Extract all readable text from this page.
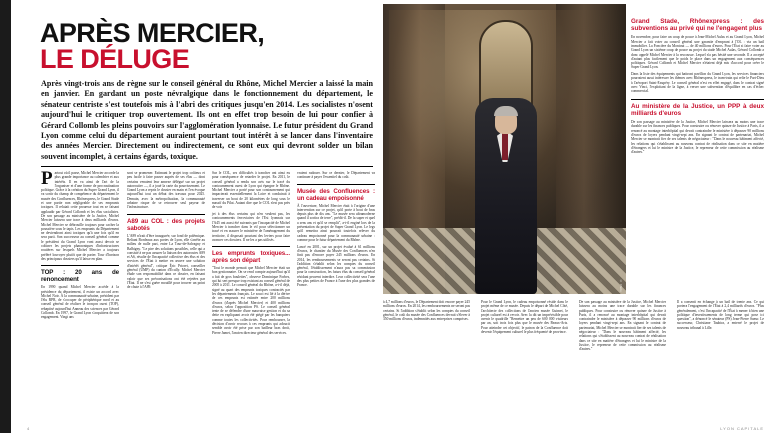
APRÈS MERCIER,
LE DÉLUGE
Après vingt-trois ans de règne sur le conseil général du Rhône, Michel Mercier a laissé la main en janvier. En gardant un poste névralgique dans le fonctionnement du département, le sénateur centriste s'est toutefois mis à l'abri des critiques jusqu'en 2014. Les socialistes n'osent aujourd'hui le critiquer trop ouvertement. Ils ont en effet trop besoin de lui pour confier à Gérard Collomb les pleins pouvoirs sur l'agglomération lyonnaise. Le futur président du Grand Lyon comme celui du département auraient pourtant tout intérêt à se lancer dans l'inventaire des années Mercier. Directement ou indirectement, ce sont eux qui devront solder un bilan souvent incomplet, à certains égards, toxique.

Partout où il passe, Michel Mercier accorde la plus grande importance au calendrier et aux intérêts. Il en va ainsi de l'art de la l'organiser et d'une forme de procrastination politique. Grâce à la création du Super Grand Lyon, il va sortir du champ de compétence du département le musée des Confluences, Rhônexpress, le Grand Stade et une partie non négligeable de ses emprunts toxiques. Il relaiait cette prouesse tout en se faisant applaudir par Gérard Collomb et les élus socialistes. De son passage au ministère de la Justice, Michel Mercier laissera une trace à deux milliards d'euros. Michel Mercier se débrouille toujours pour cacher la poussière sous le tapis. Les emprunts du Département ne deviendront ainsi toxiques qu'à une fois qu'il en sera parti. Son successeur au conseil général comme le président du Grand Lyon vont aussi devoir se coltiner les projets pharaoniques d'infrastructures routières sur lesquels Michel Mercier a toujours préféré louvoyer plutôt que de parier. Tour d'horizon des principaux dossiers qu'il laisse en plan.

TOP : 20 ans de renoncement

En 1990 quand Michel Mercier accède à la présidence du département, il existe un accord avec Michel Noir. À la communauté urbaine, président par l'élu RPR, de s'occuper de périphérique nord et au conseil général de réaliser le tronçon ouest (TOP), rebaptisé aujourd'hui Anneau des sciences par Gérard Collomb. En 1997, le Grand Lyon s'acquittera de son engagement. Vingt ans

sont se promener. Estimant le projet trop coûteux et peu facile à faire passer auprès de ses élus — dont certains venaient leur annexe délégué sur un projet autoroutier —, il a joué la carte du pourrissement. Le Grand Lyon a repris le dossier en main et l'en évoque aujourd'hui tout un début des travaux pour 2025. Demain, avec la métropolisation, la communauté urbaine risque de se retrouver seul payeur de l'infrastructure.

A89 au COL : des projets sabotés

L'A89 n'irait d'être inaugurée, sur fond de polémique. Reliant Bordeaux aux portes de Lyon, elle s'arrête au milieu de nulle part, entre La Tour-de-Salvagny et Balbigny. "Le pire des solutions possibles, celle qui a consisté à ne pas assurer la liaison des autoroutes A89 et A6, résulte de l'incapacité collective des élus et des services de l'État à mettre en œuvre une solution d'intérêt général", critique Éric Prioret, conseiller général (UMP) du canton d'Écully. Michel Mercier élude son responsabilité dans ce dossier, en faisant valoir que ses préconisations ont été rejetées par l'État. Il ne s'est guère mouillé pour trouver un point de chute à l'A89.

Sur le COL, ses difficultés à trancher ont ainsi eu pour conséquence de retarder le projet. En 2011, le conseil général a rendu son avis sur le tracé du contournement ouest de Lyon qui épargne le Rhône. Michel Mercier a porté pour son contournement qui impacterait essentiellement la Loire et conduirait à traverser un bout de 20 kilomètres de long sous le massif du Pilat. Autant dire que le COL n'est pas près de voir

jet à des élus certains qui n'en veulent pas, les contournements ferroviaires de l'Est lyonnais sur l'A45 ont aussi été suivants par l'incapacité de Michel Mercier à trancher dans le vif pour sélectionner un tracé et en assurer le ministère de l'aménagement du territoire, il disposait pourtant des leviers pour faire avancer ces dossiers. Il ne les a pas utilisés.

Les emprunts toxiques... après son départ

"Tout le monde pensait que Michel Mercier était un bon gestionnaire. On se rend compte aujourd'hui qu'il a fait de gros boulettes", observe Dominique Forbes, qui lui sert presque trop existant au conseil général de 2005 à 2011. Le conseil général du Rhône, a-t-il déjà, signé au quart des emprunts toxiques contractés par les départements français. Le souci est lié à la dérive de ces emprunts est estimée entre 200 millions d'euros (d'après Michel Mercier) et 400 millions d'euros, selon l'opposition PS. Le conseil général tente de se défendre d'une mauvaise gestion et du sa dette en expliquant avoir été piégé par les banquiers comme toutes les collectivités. Pour rembourser, la décision d'avoir recours à ces emprunts qui adoucit semble avoir été prise par son bailleur bras droit, Pierre Jamet, l'ancien directeur général des services.

vraient radouer. Sur ce dernier, le Département va continuer à payer l'essentiel du coût.

Musée des Confluences : un cadeau empoisonné

À l'ouverture, Michel Mercier était à l'origine d'une intervention sur ce projet, qu'il porte à bout de bras depuis plus de dix ans. "Le musée sera ultramoderne quand il sortira de terre", prédit-il. De la super et quel a sens ans et qu'il se remplit", a-t-il enginé lors de la présentation du projet de Super Grand Lyon. Le legs qu'il remettra ainsi pourrait toutefois relever du cadeau empoisonné pour la communauté urbaine : comme pour le futur département du Rhône.

Lancé en 2001, sur un projet évalué à 61 millions d'euros, le chantier du Musée des Confluences n'en finit pas d'encore payer 245 millions d'euros. En 2014, les remboursements se seront pas certains. Si l'addition s'établit selon les comptes du conseil général, l'établissement n'aura pas sa commission pour la construction, les futurs élus du conseil général résidant peuvent interdire. Leur collectivité sera l'une des plus petites de France à l'une des plus grandes de France.

4
© Photo
Grand Stade, Rhônexpress : des subventions au privé qui ne l'engagent plus

En novembre, pour faire un coup de pouce à Jean-Michel Aulas et au Grand Lyon, Michel Mercier a fait voter au conseil général une garantie d'emprunt à l'OL : via un bail immobilier. La Foncière du Montout — de 40 millions d'euros. Pour l'État si faire voter au Grand Lyon un sixième coup de pouce au projet du stade Michel Aulas, Gérard Collomb a donc appelé Michel Mercier à la rescousse. Lequel n'a pas hésité une seconde. Il a accepté d'autant plus facilement que le poids le place dans un engagement aux conséquences politiques. Gérard Collomb et Michel Mercier n'étaient déjà mis d'accord pour créer le Super Grand Lyon.

Dans la liste des équipements qui battront pavillon du Grand Lyon, les services financiers pourraient aussi intéresser les thèmes avec Rhônexpress, le tram-train qui relie le Part-Dieu à l'aéroport Saint-Exupéry. Le conseil général n'est en effet engagé, dans le contrat signé avec Vinci, l'exploitant de la ligne, à verser une subvention d'équilibre en cas d'échec commercial.

Au ministère de la Justice, un PPP à deux milliards d'euros

De son passage au ministère de la Justice, Michel Mercier laissera au moins une trace durable sur les finances publiques. Pour construire ou rénover quinze de Justice à Paris, il a renoncé au montage interhôpital qui devait contraindre le ministère à dépasser 90 millions d'euros de loyers pendant vingt-sept ans. En signant le contrat de partenariat, Michel Mercier se montrait fier de ses talents de négociateur : "Dans le nouveau bâtiment affecté, les relations qui s'établissent au nouveau contrat de réalisation dans ce site en matière d'étrangers et lui le ministre de la Justice, le repreneur de cette commission au réalisme d'autres."

à 4,7 millions d'euros, le Département doit encore payer 245 millions d'euros. En 2014, les remboursements ne seront pas certains. Si l'addition s'établit selon les comptes du conseil général, le coût du musée des Confluences devrait s'élever à 350 millions d'euros, indemnités aux entreprises comprises.

Pour le Grand Lyon, le cadeau empoisonné réside dans le projet même de ce musée. Depuis le départ de Michel Côté, l'architecte des collections de l'ancien musée Guimet, le projet culturel est à revoir. Avec la dit un imprévisible pour avenir le quadrille "Remettre un peu de 600 000 visiteurs par an, soit trois fois plus que le musée des Beaux-Arts. Pour atteindre cet objectif, le patron de la Confluence doit devenir l'équipement culturel le plus fréquenté de province.

De son passage au ministère de la Justice, Michel Mercier laissera au moins une trace durable sur les finances publiques. Pour construire ou rénover quinze de Justice à Paris, il a renoncé au montage interhôpital qui devait contraindre le ministère à dépasser 90 millions d'euros de loyers pendant vingt-sept ans. En signant le contrat de partenariat, Michel Mercier se montrait fier de ses talents de négociateur : "Dans le nouveau bâtiment affecté, les relations qui s'établissent au nouveau contrat de réalisation dans ce site en matière d'étrangers et lui le ministre de la Justice, le repreneur de cette commission au réalisme d'autres."

Il a consenti en échange à un bail de trente ans. Ce qui portera l'engagement de l'État à 2,4 milliards d'euros. "Plus généralement, c'est l'incapacité de l'État à mener à bien une politique d'investissements de long terme qui pose ici question", a dénoncé le sénateur (PS) Jean-Pierre Sueur. Le successeur, Christiane Taubira, a enterré le projet de nouveau tribunal à Lille.

LYON CAPITALE
